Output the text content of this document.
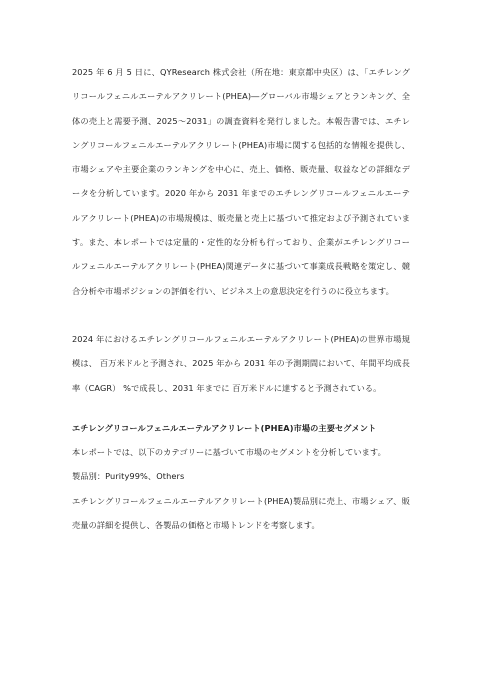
2025 年 6 月 5 日に、QYResearch 株式会社（所在地：東京都中央区）は、「エチレングリコールフェニルエーテルアクリレート(PHEA)―グローバル市場シェアとランキング、全体の売上と需要予測、2025～2031」の調査資料を発行しました。本報告書では、エチレングリコールフェニルエーテルアクリレート(PHEA)市場に関する包括的な情報を提供し、市場シェアや主要企業のランキングを中心に、売上、価格、販売量、収益などの詳細なデータを分析しています。2020 年から 2031 年までのエチレングリコールフェニルエーテルアクリレート(PHEA)の市場規模は、販売量と売上に基づいて推定および予測されています。また、本レポートでは定量的・定性的な分析も行っており、企業がエチレングリコールフェニルエーテルアクリレート(PHEA)関連データに基づいて事業成長戦略を策定し、競合分析や市場ポジションの評価を行い、ビジネス上の意思決定を行うのに役立ちます。

2024 年におけるエチレングリコールフェニルエーテルアクリレート(PHEA)の世界市場規模は、 百万米ドルと予測され、2025 年から 2031 年の予測期間において、年間平均成長率（CAGR） %で成長し、2031 年までに 百万米ドルに達すると予測されている。

エチレングリコールフェニルエーテルアクリレート(PHEA)市場の主要セグメント

本レポートでは、以下のカテゴリーに基づいて市場のセグメントを分析しています。

製品別：Purity99%、Others

エチレングリコールフェニルエーテルアクリレート(PHEA)製品別に売上、市場シェア、販売量の詳細を提供し、各製品の価格と市場トレンドを考察します。
